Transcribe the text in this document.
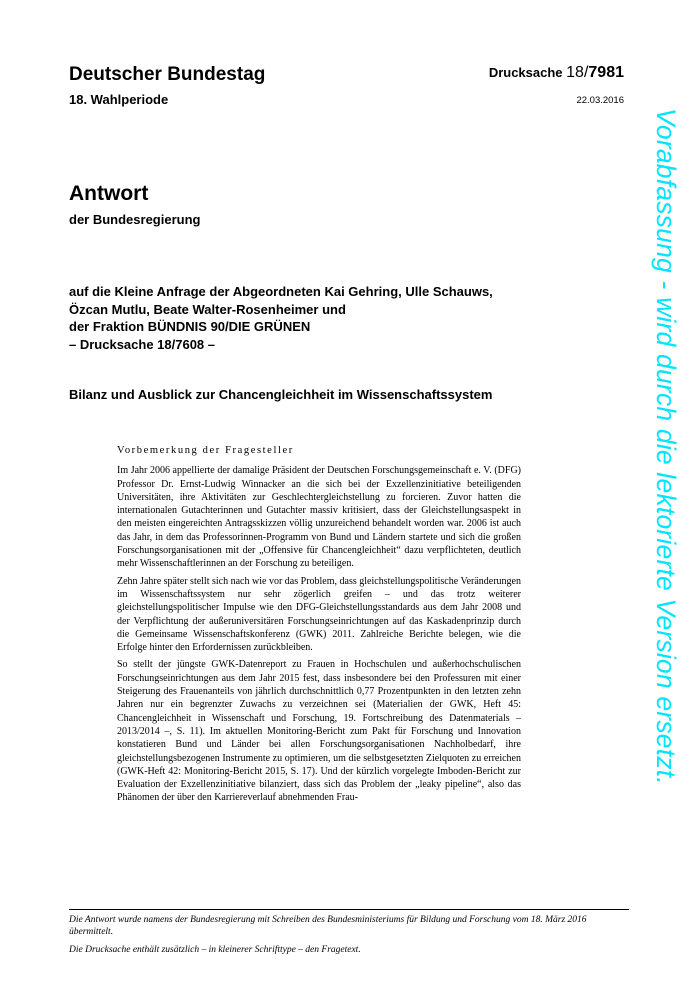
Deutscher Bundestag
18. Wahlperiode
Drucksache 18/7981
22.03.2016
Antwort
der Bundesregierung
auf die Kleine Anfrage der Abgeordneten Kai Gehring, Ulle Schauws,
Özcan Mutlu, Beate Walter-Rosenheimer und
der Fraktion BÜNDNIS 90/DIE GRÜNEN
– Drucksache 18/7608 –
Bilanz und Ausblick zur Chancengleichheit im Wissenschaftssystem
Vorbemerkung der Fragesteller

Im Jahr 2006 appellierte der damalige Präsident der Deutschen Forschungsgemeinschaft e. V. (DFG) Professor Dr. Ernst-Ludwig Winnacker an die sich bei der Exzellenzinitiative beteiligenden Universitäten, ihre Aktivitäten zur Geschlechtergleichstellung zu forcieren. Zuvor hatten die internationalen Gutachterinnen und Gutachter massiv kritisiert, dass der Gleichstellungsaspekt in den meisten eingereichten Antragsskizzen völlig unzureichend behandelt worden war. 2006 ist auch das Jahr, in dem das Professorinnen-Programm von Bund und Ländern startete und sich die großen Forschungsorganisationen mit der „Offensive für Chancengleichheit“ dazu verpflichteten, deutlich mehr Wissenschaftlerinnen an der Forschung zu beteiligen.

Zehn Jahre später stellt sich nach wie vor das Problem, dass gleichstellungspolitische Veränderungen im Wissenschaftssystem nur sehr zögerlich greifen – und das trotz weiterer gleichstellungspolitischer Impulse wie den DFG-Gleichstellungsstandards aus dem Jahr 2008 und der Verpflichtung der außeruniversitären Forschungseinrichtungen auf das Kaskadenprinzip durch die Gemeinsame Wissenschaftskonferenz (GWK) 2011. Zahlreiche Berichte belegen, wie die Erfolge hinter den Erfordernissen zurückbleiben.

So stellt der jüngste GWK-Datenreport zu Frauen in Hochschulen und außerhochschulischen Forschungseinrichtungen aus dem Jahr 2015 fest, dass insbesondere bei den Professuren mit einer Steigerung des Frauenanteils von jährlich durchschnittlich 0,77 Prozentpunkten in den letzten zehn Jahren nur ein begrenzter Zuwachs zu verzeichnen sei (Materialien der GWK, Heft 45: Chancengleichheit in Wissenschaft und Forschung, 19. Fortschreibung des Datenmaterials –2013/2014 –, S. 11). Im aktuellen Monitoring-Bericht zum Pakt für Forschung und Innovation konstatieren Bund und Länder bei allen Forschungsorganisationen Nachholbedarf, ihre gleichstellungsbezogenen Instrumente zu optimieren, um die selbstgesetzten Zielquoten zu erreichen (GWK-Heft 42: Monitoring-Bericht 2015, S. 17). Und der kürzlich vorgelegte Imboden-Bericht zur Evaluation der Exzellenzinitiative bilanziert, dass sich das Problem der „leaky pipeline“, also das Phänomen der über den Karriereverlauf abnehmenden Frau-

Die Antwort wurde namens der Bundesregierung mit Schreiben des Bundesministeriums für Bildung und Forschung vom 18. März 2016 übermittelt.

Die Drucksache enthält zusätzlich – in kleinerer Schrifttype – den Fragetext.

Vorabfassung - wird durch die lektorierte Version ersetzt.
